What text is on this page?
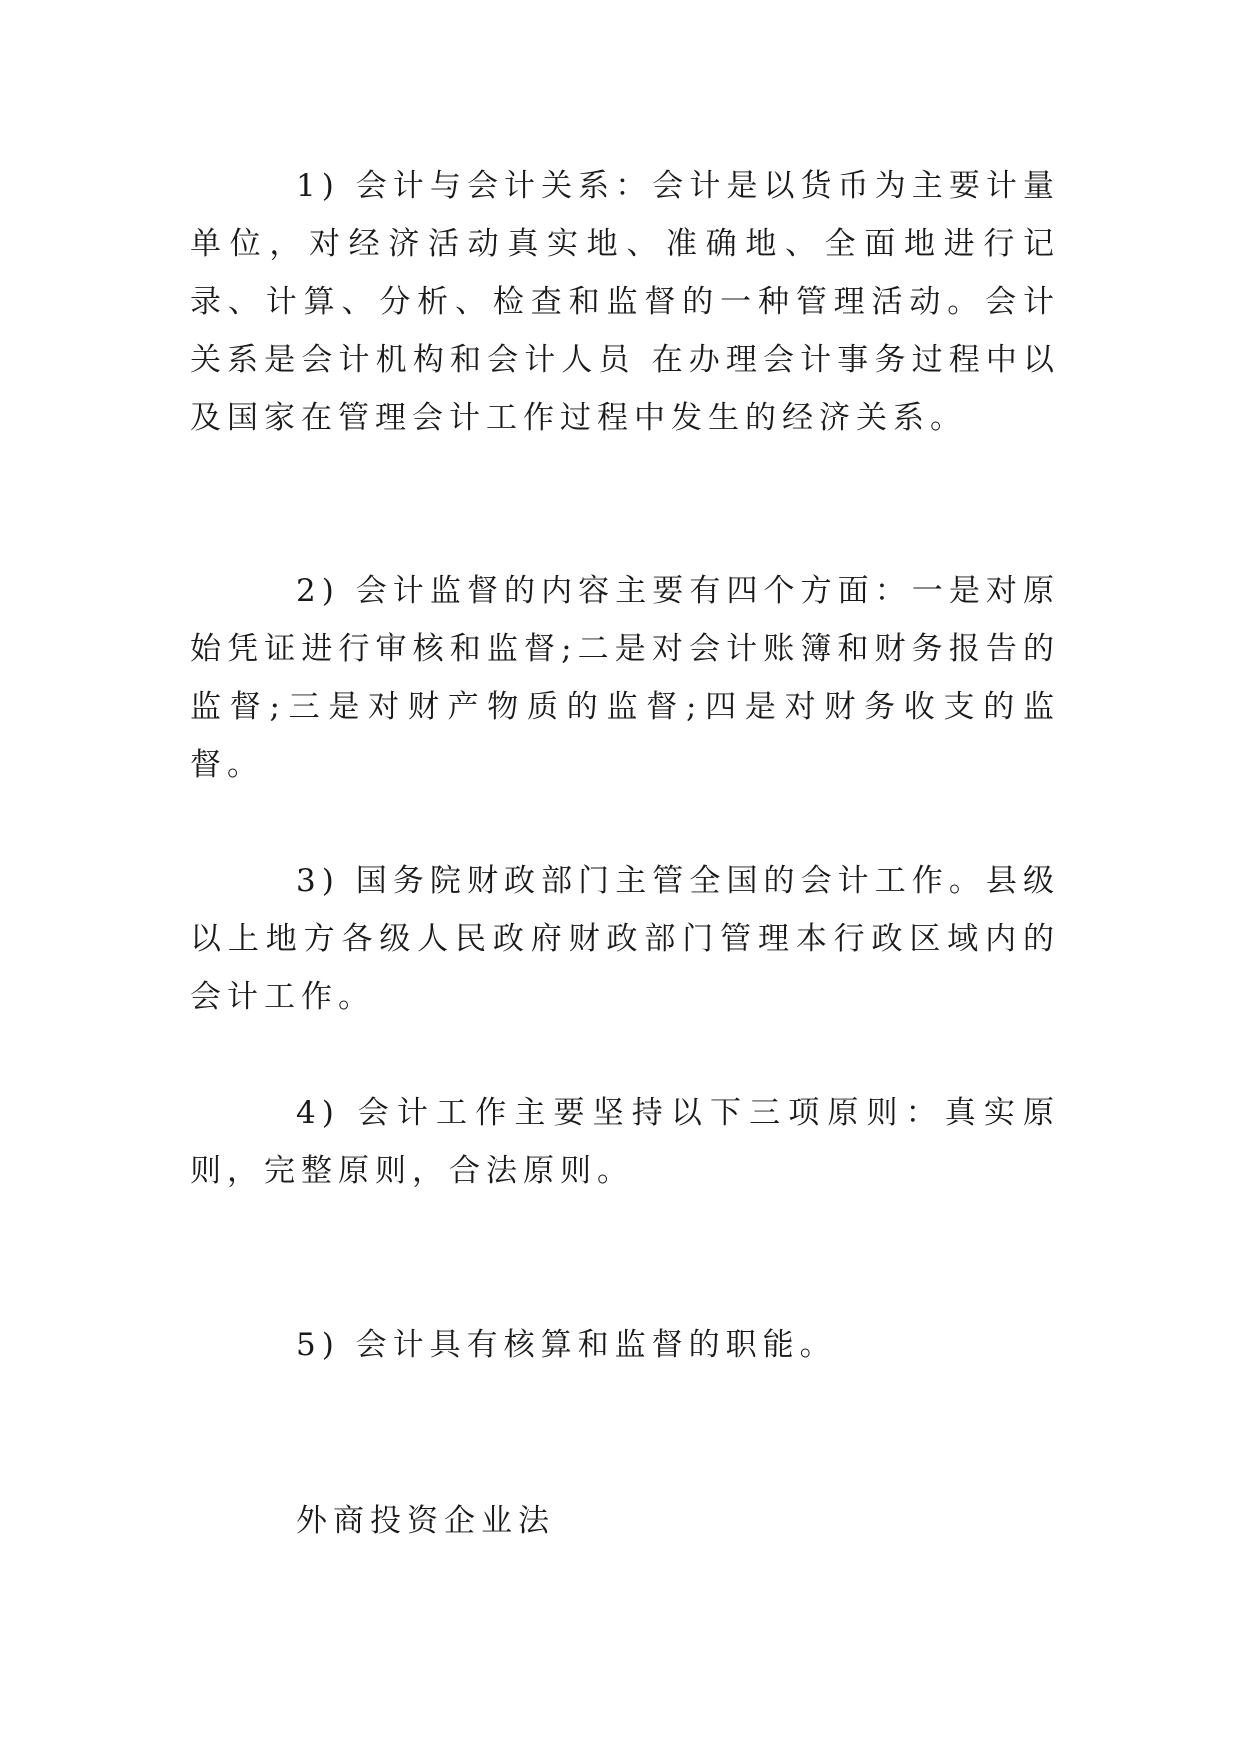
1) 会计与会计关系：会计是以货币为主要计量单位，对经济活动真实地、准确地、全面地进行记录、计算、分析、检查和监督的一种管理活动。会计关系是会计机构和会计人员 在办理会计事务过程中以及国家在管理会计工作过程中发生的经济关系。

2) 会计监督的内容主要有四个方面：一是对原始凭证进行审核和监督;二是对会计账簿和财务报告的监督;三是对财产物质的监督;四是对财务收支的监督。

3) 国务院财政部门主管全国的会计工作。县级以上地方各级人民政府财政部门管理本行政区域内的会计工作。

4) 会计工作主要坚持以下三项原则：真实原则，完整原则，合法原则。

5) 会计具有核算和监督的职能。

外商投资企业法
